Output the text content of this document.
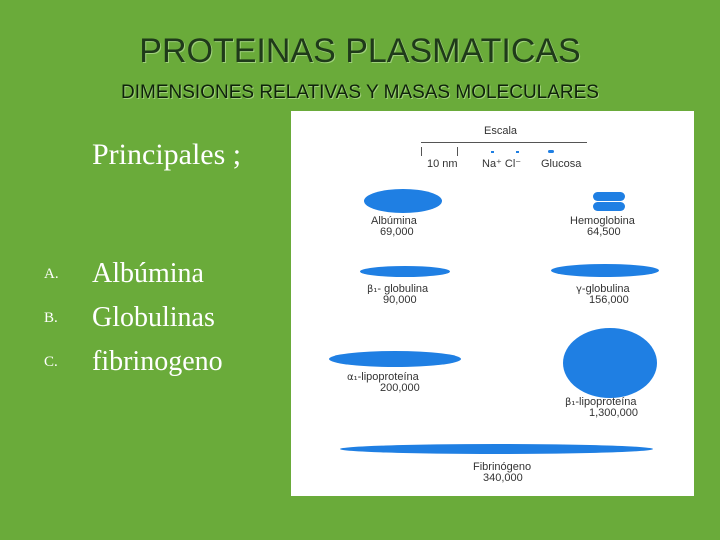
PROTEINAS PLASMATICAS
DIMENSIONES RELATIVAS Y MASAS MOLECULARES
Principales ;
A.	Albúmina
B.	Globulinas
C.	fibrinogeno
Escala
10 nm Na⁺ Cl⁻ Glucosa
Albúmina
69,000
Hemoglobina
64,500
β₁- globulina
90,000
γ-globulina
156,000
α₁-lipoproteína
200,000
β₁-lipoproteína
1,300,000
Fibrinógeno
340,000
